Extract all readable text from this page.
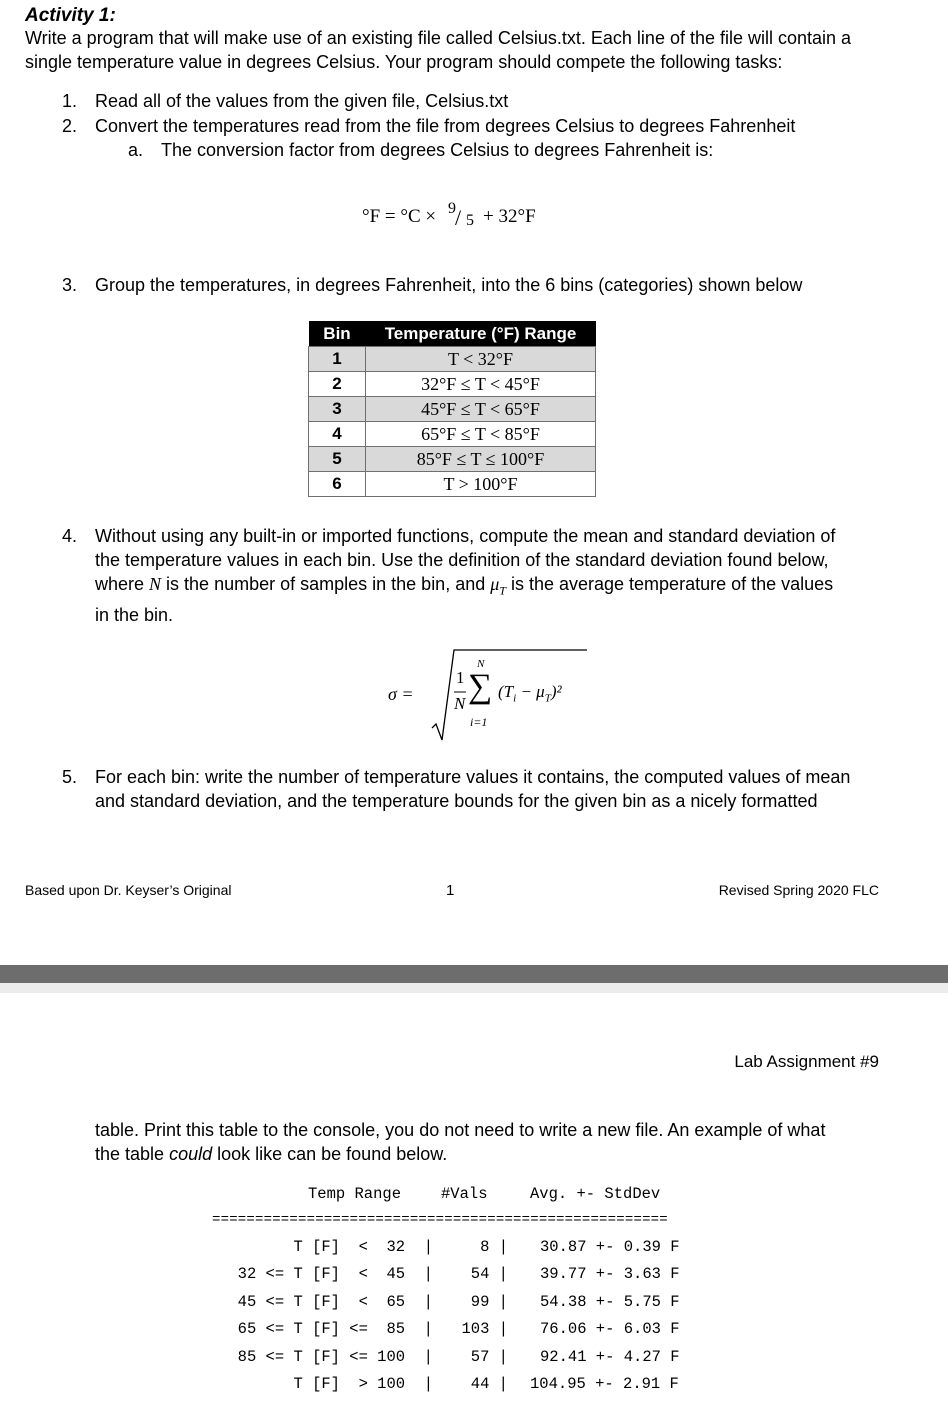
Activity 1:
Write a program that will make use of an existing file called Celsius.txt. Each line of the file will contain a
single temperature value in degrees Celsius. Your program should compete the following tasks:
1. Read all of the values from the given file, Celsius.txt
2. Convert the temperatures read from the file from degrees Celsius to degrees Fahrenheit
a. The conversion factor from degrees Celsius to degrees Fahrenheit is:
°F = °C × 9 / 5 + 32°F
3. Group the temperatures, in degrees Fahrenheit, into the 6 bins (categories) shown below
Bin	Temperature (°F) Range
1	T < 32°F
2	32°F ≤ T < 45°F
3	45°F ≤ T < 65°F
4	65°F ≤ T < 85°F
5	85°F ≤ T ≤ 100°F
6	T > 100°F
4. Without using any built-in or imported functions, compute the mean and standard deviation of
the temperature values in each bin. Use the definition of the standard deviation found below,
where N is the number of samples in the bin, and $\mu_T$ is the average temperature of the values
in the bin.
σ =
1
N
N
∑
i=1
$(T_i - \mu_T)^2$
5. For each bin: write the number of temperature values it contains, the computed values of mean
and standard deviation, and the temperature bounds for the given bin as a nicely formatted
Based upon Dr. Keyser’s Original	1	Revised Spring 2020 FLC
Lab Assignment #9
table. Print this table to the console, you do not need to write a new file. An example of what
the table could look like can be found below.
Temp Range	#Vals	Avg. +- StdDev
=====================================================
T [F]  <  32  |	8 | 30.87 +- 0.39 F
32 <= T [F]  <  45  | 54 | 39.77 +- 3.63 F
45 <= T [F]  <  65  | 99 | 54.38 +- 5.75 F
65 <= T [F] <=  85  | 103 | 76.06 +- 6.03 F
85 <= T [F] <= 100  | 57 | 92.41 +- 4.27 F
T [F]  > 100  | 44 | 104.95 +- 2.91 F
